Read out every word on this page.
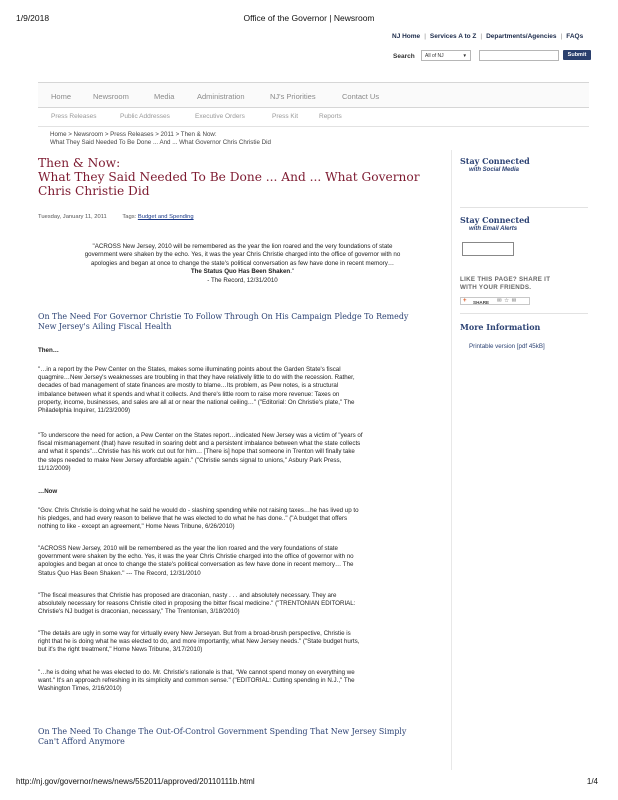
1/9/2018	Office of the Governor | Newsroom
NJ Home | Services A to Z | Departments/Agencies | FAQs
Search	All of NJ	▼	Submit
Home	Newsroom	Media	Administration	NJ's Priorities	Contact Us
Press Releases	Public Addresses	Executive Orders	Press Kit	Reports
Home > Newsroom > Press Releases > 2011 > Then & Now:
What They Said Needed To Be Done ... And ... What Governor Chris Christie Did
Then & Now:
What They Said Needed To Be Done ... And ... What Governor
Chris Christie Did
Tuesday, January 11, 2011	Tags: Budget and Spending
"ACROSS New Jersey, 2010 will be remembered as the year the lion roared and the very foundations of state
government were shaken by the echo. Yes, it was the year Chris Christie charged into the office of governor with no
apologies and began at once to change the state's political conversation as few have done in recent memory…
The Status Quo Has Been Shaken."
- The Record, 12/31/2010
On The Need For Governor Christie To Follow Through On His Campaign Pledge To Remedy
New Jersey's Ailing Fiscal Health
Then…
"…in a report by the Pew Center on the States, makes some illuminating points about the Garden State's fiscal
quagmire…New Jersey's weaknesses are troubling in that they have relatively little to do with the recession. Rather,
decades of bad management of state finances are mostly to blame…Its problem, as Pew notes, is a structural
imbalance between what it spends and what it collects. And there's little room to raise more revenue: Taxes on
property, income, businesses, and sales are all at or near the national ceiling…" ("Editorial: On Christie's plate," The
Philadelphia Inquirer, 11/23/2009)
"To underscore the need for action, a Pew Center on the States report…indicated New Jersey was a victim of "years of
fiscal mismanagement (that) have resulted in soaring debt and a persistent imbalance between what the state collects
and what it spends"…Christie has his work cut out for him… [There is] hope that someone in Trenton will finally take
the steps needed to make New Jersey affordable again." ("Christie sends signal to unions," Asbury Park Press,
11/12/2009)
…Now
"Gov. Chris Christie is doing what he said he would do - slashing spending while not raising taxes…he has lived up to
his pledges, and had every reason to believe that he was elected to do what he has done.." ("A budget that offers
nothing to like - except an agreement," Home News Tribune, 6/26/2010)
"ACROSS New Jersey, 2010 will be remembered as the year the lion roared and the very foundations of state
government were shaken by the echo. Yes, it was the year Chris Christie charged into the office of governor with no
apologies and began at once to change the state's political conversation as few have done in recent memory… The
Status Quo Has Been Shaken." --- The Record, 12/31/2010
"The fiscal measures that Christie has proposed are draconian, nasty . . . and absolutely necessary. They are
absolutely necessary for reasons Christie cited in proposing the bitter fiscal medicine." ("TRENTONIAN EDITORIAL:
Christie's NJ budget is draconian, necessary," The Trentonian, 3/18/2010)
"The details are ugly in some way for virtually every New Jerseyan. But from a broad-brush perspective, Christie is
right that he is doing what he was elected to do, and more importantly, what New Jersey needs." ("State budget hurts,
but it's the right treatment," Home News Tribune, 3/17/2010)
"…he is doing what he was elected to do. Mr. Christie's rationale is that, "We cannot spend money on everything we
want." It's an approach refreshing in its simplicity and common sense." ("EDITORIAL: Cutting spending in N.J.," The
Washington Times, 2/16/2010)
On The Need To Change The Out-Of-Control Government Spending That New Jersey Simply
Can't Afford Anymore
Stay Connected
with Social Media
Stay Connected
with Email Alerts
LIKE THIS PAGE? SHARE IT
WITH YOUR FRIENDS.
+ SHARE ✉ ☆ ✉
More Information
Printable version [pdf 45kB]
http://nj.gov/governor/news/news/552011/approved/20110111b.html	1/4
